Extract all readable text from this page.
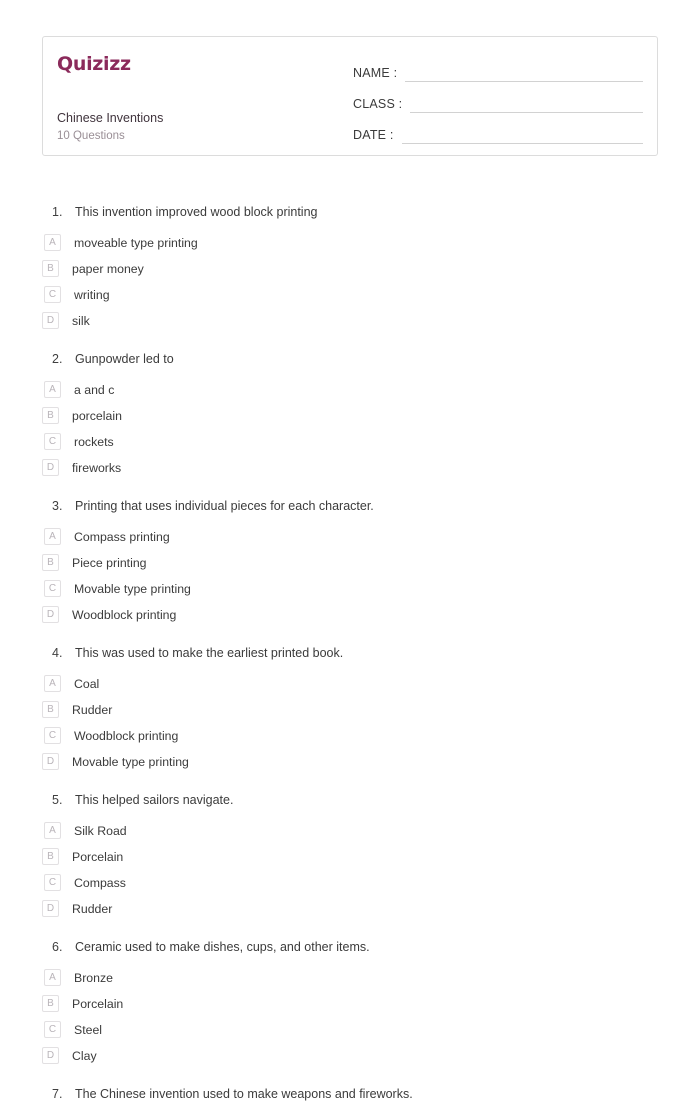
Quizizz
Chinese Inventions
10 Questions
NAME :
CLASS :
DATE :
1.	This invention improved wood block printing
A	moveable type printing
B	paper money
C	writing
D	silk
2.	Gunpowder led to
A	a and c
B	porcelain
C	rockets
D	fireworks
3.	Printing that uses individual pieces for each character.
A	Compass printing
B	Piece printing
C	Movable type printing
D	Woodblock printing
4.	This was used to make the earliest printed book.
A	Coal
B	Rudder
C	Woodblock printing
D	Movable type printing
5.	This helped sailors navigate.
A	Silk Road
B	Porcelain
C	Compass
D	Rudder
6.	Ceramic used to make dishes, cups, and other items.
A	Bronze
B	Porcelain
C	Steel
D	Clay
7.	The Chinese invention used to make weapons and fireworks.
